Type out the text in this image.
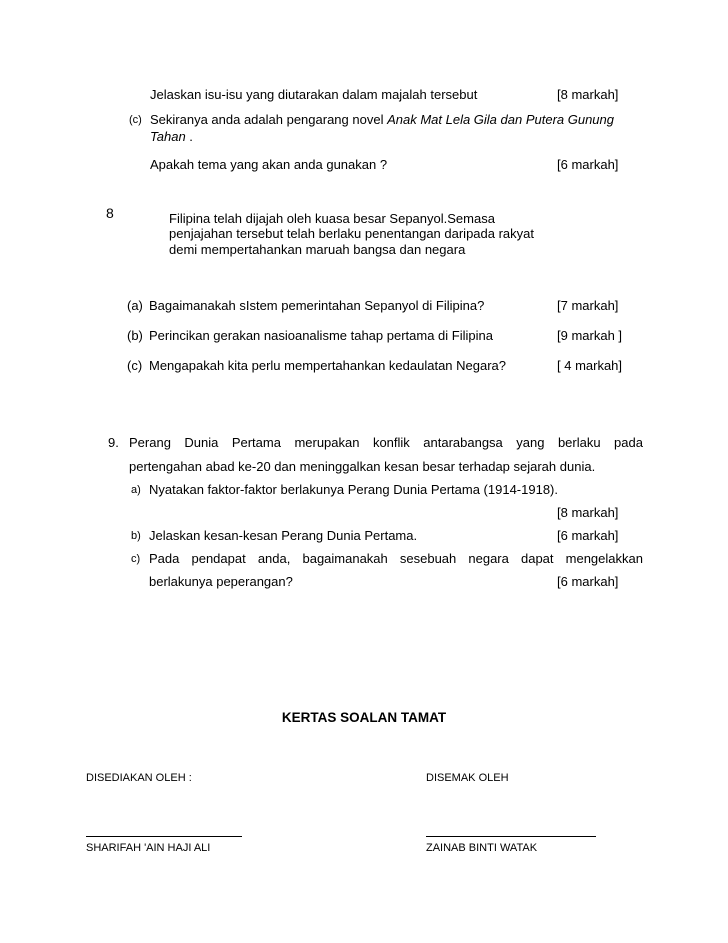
Jelaskan isu-isu yang diutarakan dalam majalah tersebut	[8 markah]
(c) Sekiranya anda adalah pengarang novel Anak Mat Lela Gila dan Putera Gunung
Tahan .
Apakah tema yang akan anda gunakan ?	[6 markah]
8	Filipina telah dijajah oleh kuasa besar Sepanyol.Semasa
penjajahan tersebut telah berlaku penentangan daripada rakyat
demi mempertahankan maruah bangsa dan negara
(a) Bagaimanakah sIstem pemerintahan Sepanyol di Filipina?	[7 markah]
(b) Perincikan gerakan nasioanalisme tahap pertama di Filipina	[9 markah ]
(c) Mengapakah kita perlu mempertahankan kedaulatan Negara?	[ 4 markah]
9. Perang Dunia Pertama merupakan konflik antarabangsa yang berlaku pada
pertengahan abad ke-20 dan meninggalkan kesan besar terhadap sejarah dunia.
a) Nyatakan faktor-faktor berlakunya Perang Dunia Pertama (1914-1918).
[8 markah]
b) Jelaskan kesan-kesan Perang Dunia Pertama.	[6 markah]
c) Pada pendapat anda, bagaimanakah sesebuah negara dapat mengelakkan
berlakunya peperangan?	[6 markah]
KERTAS SOALAN TAMAT
DISEDIAKAN OLEH :	DISEMAK OLEH
SHARIFAH 'AIN HAJI ALI	ZAINAB BINTI WATAK
